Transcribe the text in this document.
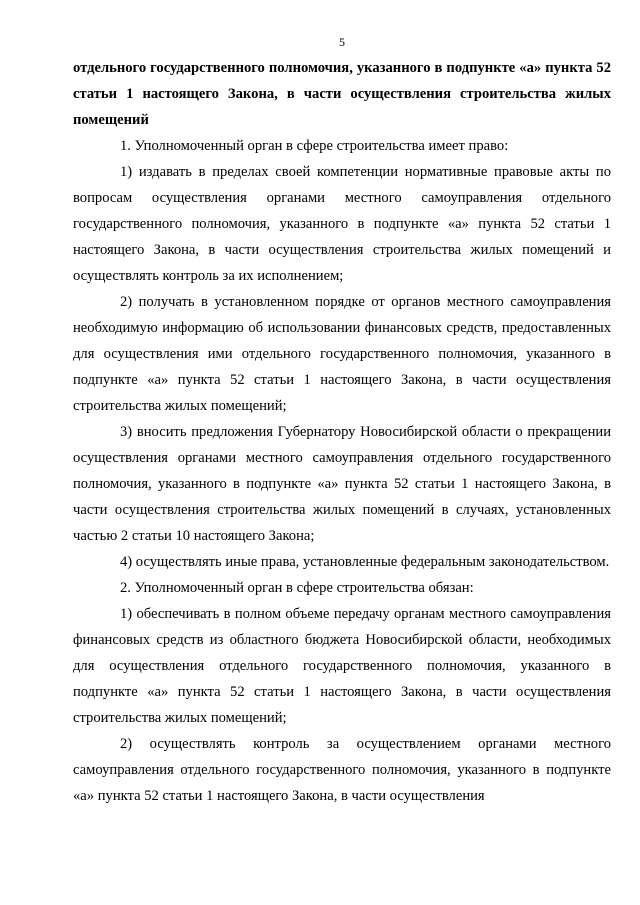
5

отдельного государственного полномочия, указанного в подпункте «а» пункта 52 статьи 1 настоящего Закона, в части осуществления строительства жилых помещений

1. Уполномоченный орган в сфере строительства имеет право:

1) издавать в пределах своей компетенции нормативные правовые акты по вопросам осуществления органами местного самоуправления отдельного государственного полномочия, указанного в подпункте «а» пункта 52 статьи 1 настоящего Закона, в части осуществления строительства жилых помещений и осуществлять контроль за их исполнением;

2) получать в установленном порядке от органов местного самоуправления необходимую информацию об использовании финансовых средств, предоставленных для осуществления ими отдельного государственного полномочия, указанного в подпункте «а» пункта 52 статьи 1 настоящего Закона, в части осуществления строительства жилых помещений;

3) вносить предложения Губернатору Новосибирской области о прекращении осуществления органами местного самоуправления отдельного государственного полномочия, указанного в подпункте «а» пункта 52 статьи 1 настоящего Закона, в части осуществления строительства жилых помещений в случаях, установленных частью 2 статьи 10 настоящего Закона;

4) осуществлять иные права, установленные федеральным законодательством.

2. Уполномоченный орган в сфере строительства обязан:

1) обеспечивать в полном объеме передачу органам местного самоуправления финансовых средств из областного бюджета Новосибирской области, необходимых для осуществления отдельного государственного полномочия, указанного в подпункте «а» пункта 52 статьи 1 настоящего Закона, в части осуществления строительства жилых помещений;

2) осуществлять контроль за осуществлением органами местного самоуправления отдельного государственного полномочия, указанного в подпункте «а» пункта 52 статьи 1 настоящего Закона, в части осуществления
